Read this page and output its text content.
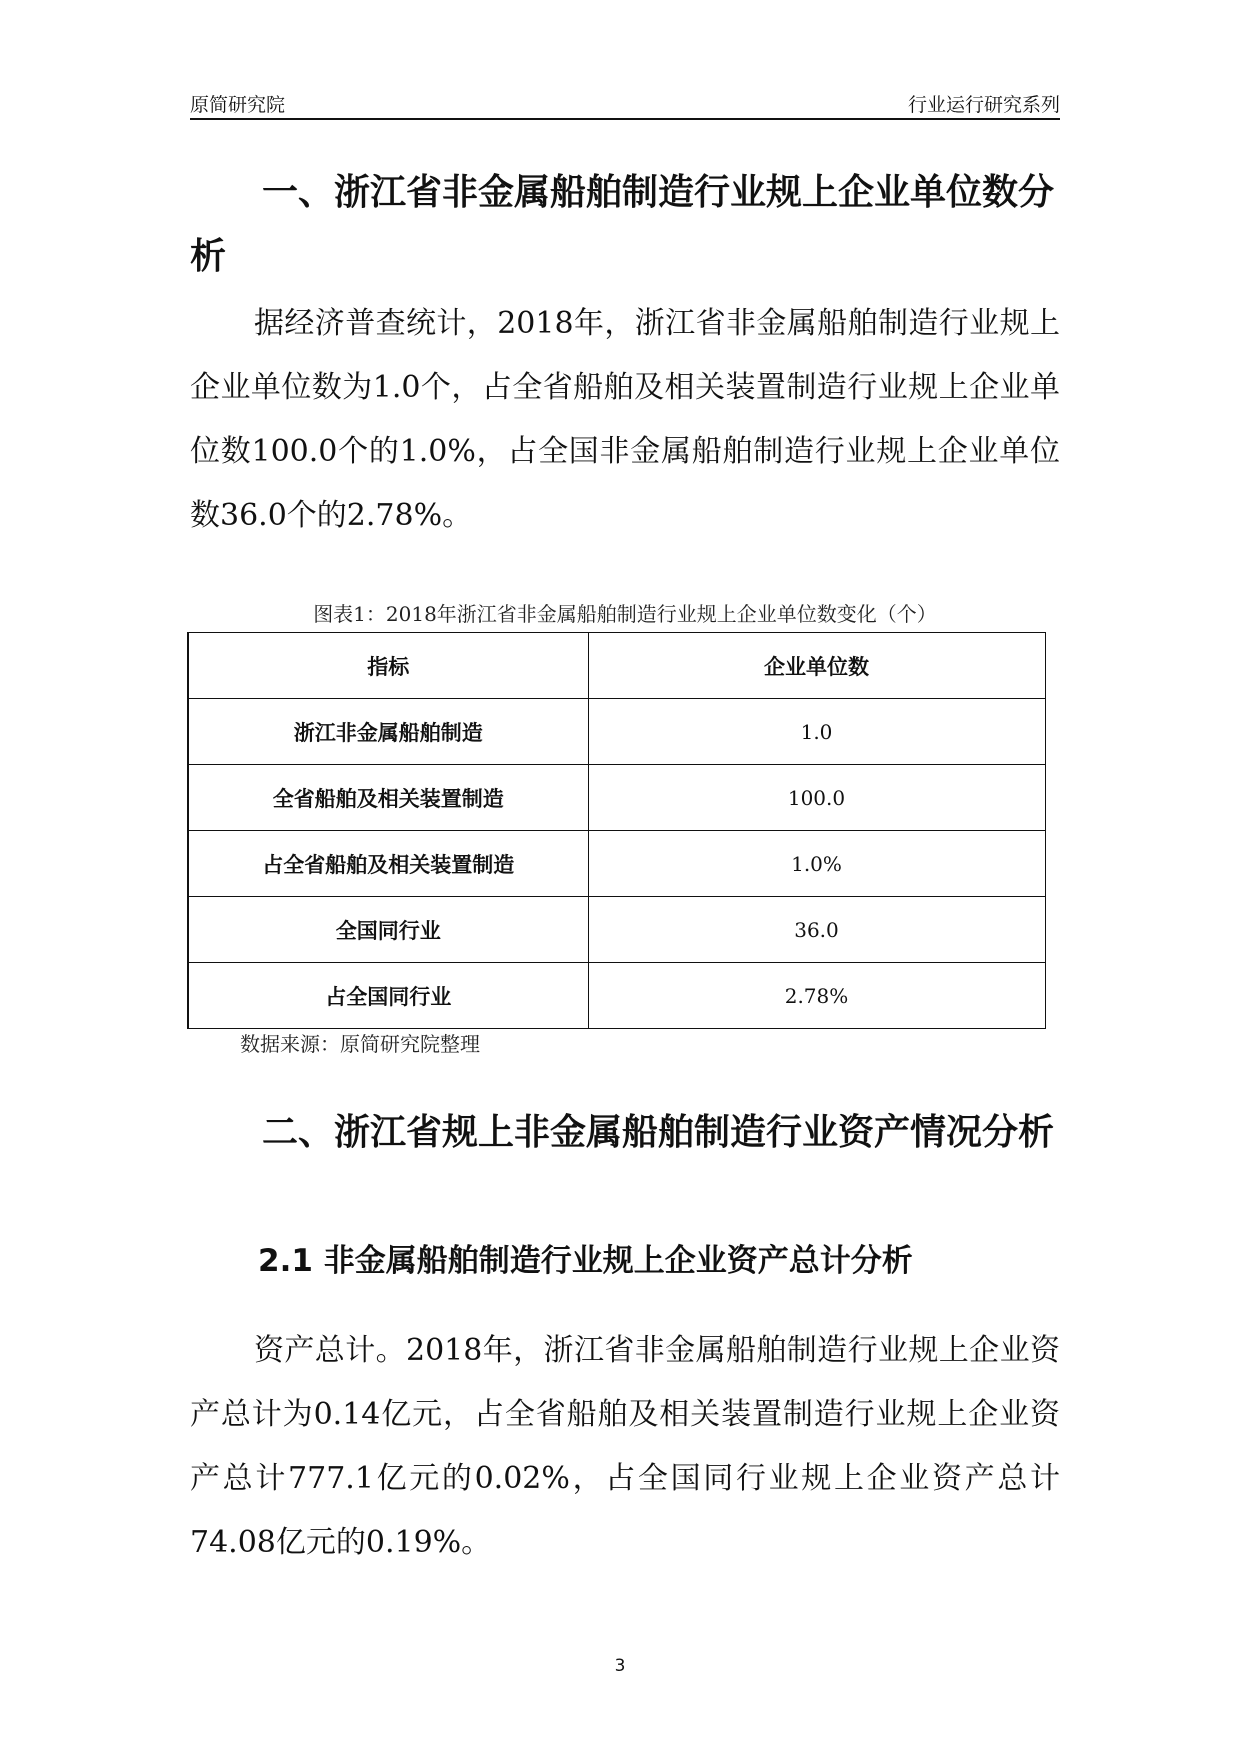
原简研究院	行业运行研究系列
一、浙江省非金属船舶制造行业规上企业单位数分析

据经济普查统计，2018年，浙江省非金属船舶制造行业规上企业单位数为1.0个，占全省船舶及相关装置制造行业规上企业单位数100.0个的1.0%，占全国非金属船舶制造行业规上企业单位数36.0个的2.78%。

图表1：2018年浙江省非金属船舶制造行业规上企业单位数变化（个）
指标	企业单位数
浙江非金属船舶制造	1.0
全省船舶及相关装置制造	100.0
占全省船舶及相关装置制造	1.0%
全国同行业	36.0
占全国同行业	2.78%
数据来源：原简研究院整理
二、浙江省规上非金属船舶制造行业资产情况分析
2.1 非金属船舶制造行业规上企业资产总计分析

资产总计。2018年，浙江省非金属船舶制造行业规上企业资产总计为0.14亿元，占全省船舶及相关装置制造行业规上企业资产总计777.1亿元的0.02%，占全国同行业规上企业资产总计74.08亿元的0.19%。

3
